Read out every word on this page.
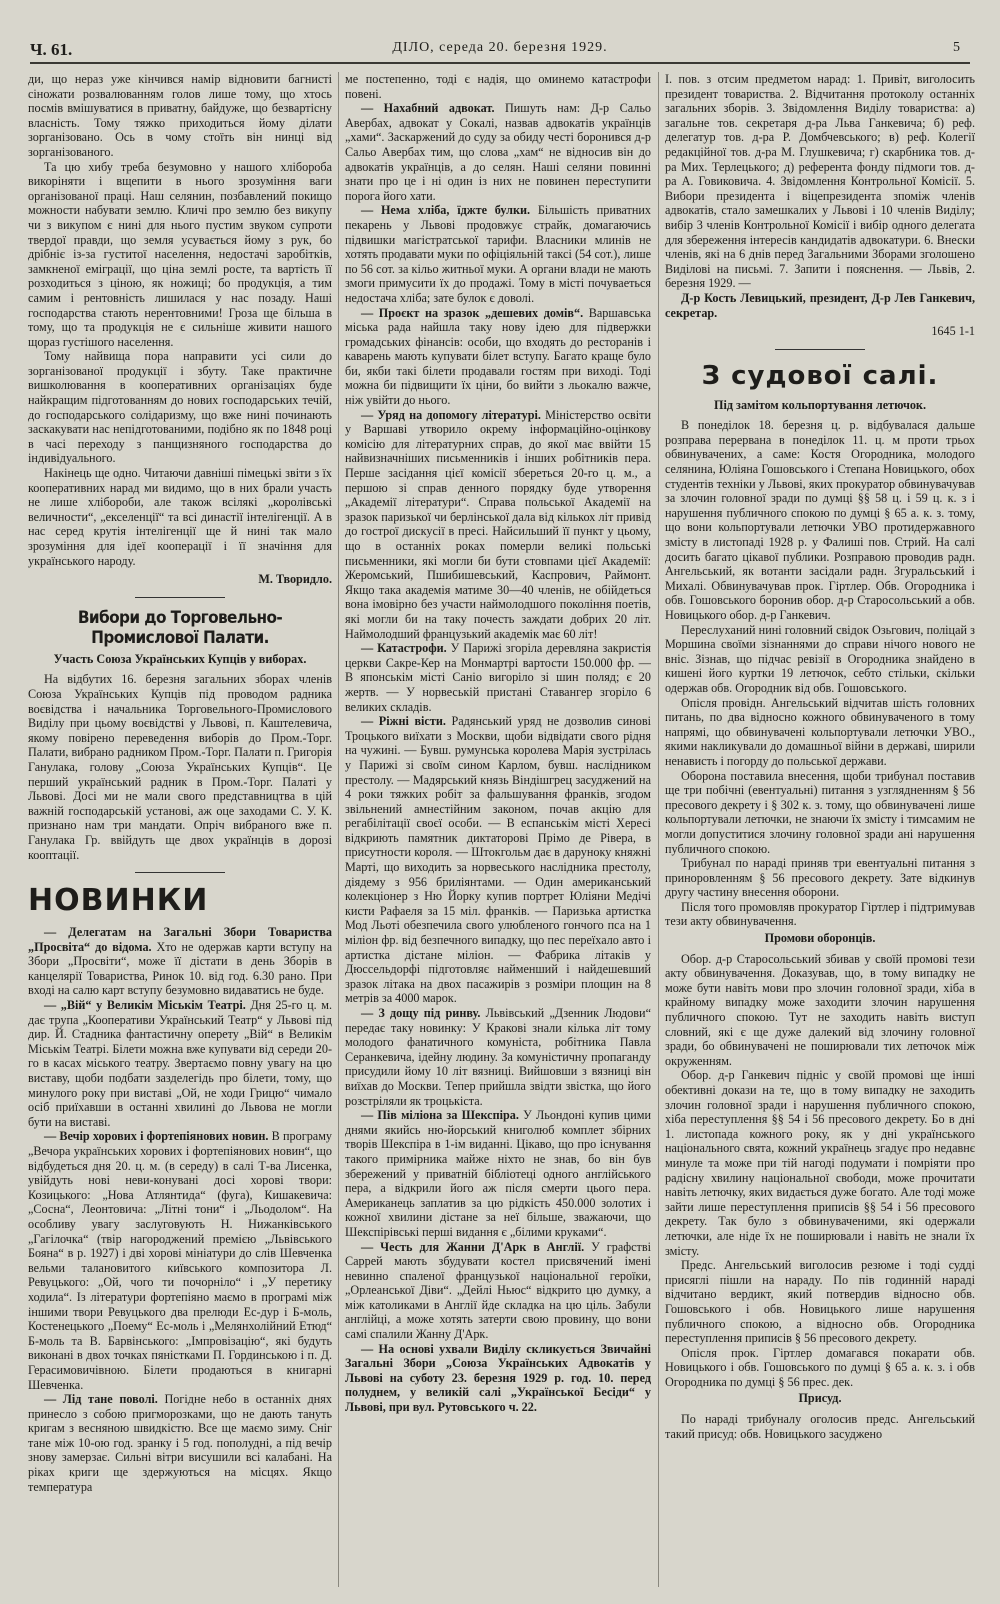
Ч. 61.	ДІЛО, середа 20. березня 1929.	5

ди, що нераз уже кінчився намір відновити багнисті сіножати розвалюванням голов лише тому, що хтось посмів вмішуватися в приватну, байдуже, що безвартісну власність. Тому тяжко приходиться йому ділати зорганізовано. Ось в чому стоїть він нинці від зорганізованого.

Та цю хибу треба безумовно у нашого хлібороба викоріняти і вщепити в нього зрозуміння ваги організованої праці. Наш селянин, позбавлений покищо можности набувати землю. Кличі про землю без викупу чи з викупом є нині для нього пустим звуком супроти твердої правди, що земля усувається йому з рук, бо дрібніє із-за густитої населення, недостачі заробітків, замкненої еміграції, що ціна землі росте, та вартість її розходиться з ціною, як ножиці; бо продукція, а тим самим і рентовність лишилася у нас позаду. Наші господарства стають нерентовними! Гроза ще більша в тому, що та продукція не є сильніше живити нашого щораз густішого населення.

Тому найвища пора направити усі сили до зорганізованої продукції і збуту. Таке практичне вишколювання в кооперативних організаціях буде найкращим підготованням до нових господарських течій, до господарського солідаризму, що вже нині починають заскакувати нас непідготованими, подібно як по 1848 році в часі переходу з панщизняного господарства до індивідуального.

Накінець ще одно. Читаючи давніші пімецькі звіти з їх кооперативних нарад ми видимо, що в них брали участь не лише хлібороби, але також всілякі „королівські величности“, „екселенції“ та всі династії інтелігенції. А в нас серед крутія інтелігенції ще й нині так мало зрозуміння для ідеї кооперації і її значіння для українського народу.

М. Творидло.
Вибори до Торговельно-Промислової Палати.
Участь Союза Українських Купців у виборах.

На відбутих 16. березня загальних зборах членів Союза Українських Купців під проводом радника воєвідства і начальника Торговельного-Промислового Виділу при цьому воєвідстві у Львові, п. Каштелевича, якому повірено переведення виборів до Пром.-Торг. Палати, вибрано радником Пром.-Торг. Палати п. Григорія Ганулака, голову „Союза Українських Купців“. Це перший український радник в Пром.-Торг. Палаті у Львові. Досі ми не мали свого представництва в цій важній господарській установі, аж оце заходами С. У. К. признано нам три мандати. Опріч вибраного вже п. Ганулака Гр. ввійдуть ще двох українців в дорозі кооптації.

НОВИНКИ

— Делегатам на Загальні Збори Товариства „Просвіта“ до відома. Хто не одержав карти вступу на Збори „Просвіти“, може її дістати в день Зборів в канцелярії Товариства, Ринок 10. від год. 6.30 рано. При вході на салю карт вступу безумовно видаватись не буде.

— „Вій“ у Великім Міськім Театрі. Дня 25-го ц. м. дає трупа „Кооперативи Український Театр“ у Львові під дир. Й. Стадника фантастичну оперету „Вій“ в Великім Міськім Театрі. Білети можна вже купувати від середи 20-го в касах міського театру. Звертаємо повну увагу на цю виставу, щоби подбати зазделегідь про білети, тому, що минулого року при виставі „Ой, не ходи Грицю“ чимало осіб приїхавши в останні хвилині до Львова не могли бути на виставі.

— Вечір хорових і фортепіянових новин. В програму „Вечора українських хорових і фортепіянових новин“, що відбудеться дня 20. ц. м. (в середу) в салі Т-ва Лисенка, увійдуть нові неви-конувані досі хорові твори: Козицького: „Нова Атлянтида“ (фуга), Кишакевича: „Сосна“, Леонтовича: „Літні тони“ і „Льодолом“. На особливу увагу заслуговують Н. Нижанківського „Гагілочка“ (твір нагороджений премією „Львівського Бояна“ в р. 1927) і дві хорові мініатури до слів Шевченка вельми талановитого київського композитора Л. Ревуцького: „Ой, чого ти почорніло“ і „У перетику ходила“. Із літератури фортепіяно маємо в програмі між іншими твори Ревуцького два прелюди Ес-дур і Б-моль, Костенецького „Поему“ Ес-моль і „Мелянхолійний Етюд“ Б-моль та В. Барвінського: „Імпровізацію“, які будуть виконані в двох точках пяністками П. Гординською і п. Д. Герасимовичівною. Білети продаються в книгарні Шевченка.

— Лід тане поволі. Погідне небо в останніх днях принесло з собою пригморозками, що не дають тануть кригам з весняною швидкістю. Все ще маємо зиму. Сніг тане між 10-ою год. зранку і 5 год. пополудні, а під вечір знову замерзає. Сильні вітри висушили всі калабані. На ріках криги ще здержуються на місцях. Якщо температура

ме постепенно, тоді є надія, що оминемо катастрофи повені.

— Нахабний адвокат. Пишуть нам: Д-р Сальо Авербах, адвокат у Сокалі, назвав адвокатів українців „хами“. Заскаржений до суду за обиду честі боронився д-р Сальо Авербах тим, що слова „хам“ не відносив він до адвокатів українців, а до селян. Наші селяни повинні знати про це і ні один із них не повинен переступити порога його хати.

— Нема хліба, їджте булки. Більшість приватних пекарень у Львові продовжує страйк, домагаючись підвишки магістратської тарифи. Власники млинів не хотять продавати муки по офіціяльній таксі (54 сот.), лише по 56 сот. за кільо житньої муки. А органи влади не мають змоги примусити їх до продажі. Тому в місті почуваеться недостача хліба; зате булок є доволі.

— Проєкт на зразок „дешевих домів“. Варшавська міська рада найшла таку нову ідею для підвержки громадських фінансів: особи, що входять до ресторанів і каварень мають купувати білет вступу. Багато краще було би, якби такі білети продавали гостям при виході. Тоді можна би підвищити їх ціни, бо вийти з льокалю важче, ніж увійти до нього.

— Уряд на допомогу літературі. Міністерство освіти у Варшаві утворило окрему інформаційно-оцінкову комісію для літературних справ, до якої має ввійти 15 найвизначніших письменників і інших робітників пера. Перше засідання цієї комісії збереться 20-го ц. м., а першою зі справ денного порядку буде утворення „Академії літератури“. Справа польської Академії на зразок паризької чи берлінської дала від кількох літ привід до гострої дискусії в пресі. Найсильший її пункт у цьому, що в останніх роках померли великі польські письменники, які могли би бути стовпами цієї Академії: Жеромський, Пшибишевський, Каспрович, Раймонт. Якщо така академія матиме 30—40 членів, не обійдеться вона імовірно без участи наймолодшого покоління поетів, які могли би на таку почесть заждати добрих 20 літ. Наймолодший французький академік має 60 літ!

— Катастрофи. У Парижі згоріла деревляна закристія церкви Сакре-Кер на Монмартрі вартости 150.000 фр. — В японськім місті Саніо вигоріло зі шин поляд; є 20 жертв. — У норвеській пристані Ставангер згоріло 6 великих складів.

— Ріжні вісти. Радянський уряд не дозволив синові Троцького виїхати з Москви, щоби відвідати свого рідня на чужині. — Бувш. румунська королева Марія зустрілась у Парижі зі своїм сином Карлом, бувш. наслідником престолу. — Мадярський князь Віндішгрец засуджений на 4 роки тяжких робіт за фальшування франків, згодом звільнений амнестійним законом, почав акцію для регабілітації своєї особи. — В еспанськім місті Хересі відкриють памятник диктаторові Прімо де Рівера, в присутности короля. — Штокгольм дає в даруноку княжні Марті, що виходить за норвеського наслідника престолу, діядему з 956 бриліянтами. — Один американський колекціонер з Ню Йорку купив портрет Юліяни Медічі кисти Рафаеля за 15 міл. франків. — Паризька артистка Мод Льоті обезпечила свого улюбленого гончого пса на 1 міліон фр. від безпечного випадку, що пес переїхало авто і артистка дістане міліон. — Фабрика літаків у Дюссельдорфі підготовляє найменший і найдешевший зразок літака на двох пасажирів з розміри площин на 8 метрів за 4000 марок.

— З дощу під ринву. Львівський „Дзенник Людови“ передає таку новинку: У Кракові знали кілька літ тому молодого фанатичного комуніста, робітника Павла Серанкевича, ідейну людину. За комуністичну пропаганду присудили йому 10 літ вязниці. Вийшовши з вязниці він виїхав до Москви. Тепер прийшла звідти звістка, що його розстріляли як троцькіста.

— Пів міліона за Шекспіра. У Льондоні купив цими днями якийсь ню-йорський книголюб комплет збірних творів Шекспіра в 1-ім виданні. Цікаво, що про існування такого примірника майже ніхто не знав, бо він був збережений у приватній бібліотеці одного англійського пера, а відкрили його аж після смерти цього пера. Американець заплатив за цю рідкість 450.000 золотих і кожної хвилини дістане за неї більше, зважаючи, що Шекспірівські перші видання є „білими круками“.

— Честь для Жанни Д'Арк в Англії. У графстві Саррей мають збудувати костел присвячений імені невинно спаленої французької національної героїки, „Орлеанської Діви“. „Дейлі Ньюс“ відкрито цю думку, а між католиками в Англії йде складка на цю ціль. Забули англійці, а може хотять затерти свою провину, що вони самі спалили Жанну Д'Арк.

— На основі ухвали Виділу скликується Звичайні Загальні Збори „Союза Українських Адвокатів у Львові на суботу 23. березня 1929 р. год. 10. перед полуднем, у великій салі „Української Бесіди“ у Львові, при вул. Рутовського ч. 22.

І. пов. з отсим предметом нарад: 1. Привіт, виголосить президент товариства. 2. Відчитання протоколу останніх загальних зборів. 3. Звідомлення Виділу товариства: а) загальне тов. секретаря д-ра Льва Ганкевича; б) реф. делегатур тов. д-ра Р. Домбчевського; в) реф. Колегії редакційної тов. д-ра М. Глушкевича; г) скарбника тов. д-ра Мих. Терлецького; д) референта фонду підмоги тов. д-ра А. Говиковича. 4. Звідомлення Контрольної Комісії. 5. Вибори президента і віцепрезидента зпоміж членів адвокатів, стало замешкалих у Львові і 10 членів Виділу; вибір 3 членів Контрольної Комісії і вибір одного делегата для збереження інтересів кандидатів адвокатури. 6. Внески членів, які на 6 днів перед Загальними Зборами зголошено Виділові на письмі. 7. Запити і пояснення. — Львів, 2. березня 1929. —

Д-р Кость Левицький, президент, Д-р Лев Ганкевич, секретар.

1645 1-1
З судової салі.
Під замітом кольпортування летючок.

В понеділок 18. березня ц. р. відбувалася дальше розправа перервана в понеділок 11. ц. м проти трьох обвинувачених, а саме: Костя Огородника, молодого селянина, Юліяна Гошовського і Степана Новицького, обох студентів техніки у Львові, яких прокуратор обвинувачував за злочин головної зради по думці §§ 58 ц. і 59 ц. к. з і нарушення публичного спокою по думці § 65 а. к. з. тому, що вони кольпортували летючки УВО протидержавного змісту в листопаді 1928 р. у Фалиші пов. Стрий. На салі досить багато цікавої публики. Розправою проводив радн. Ангельський, як вотанти засідали радн. Згуральський і Михалі. Обвинувачував прок. Гіртлер. Обв. Огородника і обв. Гошовського боронив обор. д-р Старосольський а обв. Новицького обор. д-р Ганкевич.

Переслуханий нині головний свідок Озьгович, поліцай з Моршина своїми зізнаннями до справи нічого нового не вніс. Зізнав, що підчас ревізії в Огородника знайдено в кишені його куртки 19 летючок, себто стільки, скільки одержав обв. Огородник від обв. Гошовського.

Опісля провідн. Ангельський відчитав шість головних питань, по два відносно кожного обвинуваченого в тому напрямі, що обвинувачені кольпортували летючки УВО., якими накликували до домашньої війни в державі, ширили ненависть і погорду до польської держави.

Оборона поставила внесення, щоби трибунал поставив ще три побічні (евентуальні) питання з узглядненням § 56 пресового декрету і § 302 к. з. тому, що обвинувачені лише кольпортували летючки, не знаючи їх змісту і тимсамим не могли допуститися злочину головної зради ані нарушення публичного спокою.

Трибунал по нараді приняв три евентуальні питання з приноровленням § 56 пресового декрету. Зате відкинув другу частину внесення оборони.

Після того промовляв прокуратор Гіртлер і підтримував тези акту обвинувачення.

Промови оборонців.

Обор. д-р Старосольський збивав у своїй промові тези акту обвинувачення. Доказував, що, в тому випадку не може бути навіть мови про злочин головної зради, хіба в крайному випадку може заходити злочин нарушення публичного спокою. Тут не заходить навіть виступ словний, які є ще дуже далекий від злочину головної зради, бо обвинувачені не поширювали тих летючок між окруженням.

Обор. д-р Ганкевич підніс у своїй промові ще інші обективні докази на те, що в тому випадку не заходить злочин головної зради і нарушення публичного спокою, хіба переступлення §§ 54 і 56 пресового декрету. Бо в дні 1. листопада кожного року, як у дні українського національного свята, кожний українець згадує про недавнє минуле та може при тій нагоді подумати і помріяти про радісну хвилину національної свободи, може прочитати навіть летючку, яких видається дуже богато. Але тоді може зайти лише переступлення приписів §§ 54 і 56 пресового декрету. Так було з обвинуваченими, які одержали летючки, але ніде їх не поширювали і навіть не знали їх змісту.

Предс. Ангельський виголосив резюме і тоді судді присяглі пішли на нараду. По пів годинній нараді відчитано вердикт, який потвердив відносно обв. Гошовського і обв. Новицького лише нарушення публичного спокою, а відносно обв. Огородника переступлення приписів § 56 пресового декрету.

Опісля прок. Гіртлер домагався покарати обв. Новицького і обв. Гошовського по думці § 65 а. к. з. і обв Огородника по думці § 56 прес. дек.

Присуд.

По нараді трибуналу оголосив предс. Ангельський такий присуд: обв. Новицького засуджено
